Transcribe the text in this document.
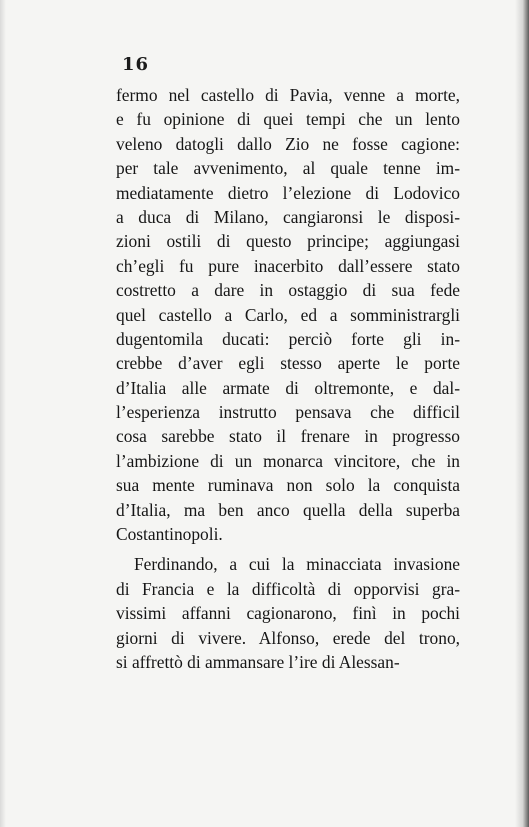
16
fermo nel castello di Pavia, venne a morte,
e fu opinione di quei tempi che un lento
veleno datogli dallo Zio ne fosse cagione:
per tale avvenimento, al quale tenne im-
mediatamente dietro l’elezione di Lodovico
a duca di Milano, cangiaronsi le disposi-
zioni ostili di questo principe; aggiungasi
ch’egli fu pure inacerbito dall’essere stato
costretto a dare in ostaggio di sua fede
quel castello a Carlo, ed a somministrargli
dugentomila ducati: perciò forte gli in-
crebbe d’aver egli stesso aperte le porte
d’Italia alle armate di oltremonte, e dal-
l’esperienza instrutto pensava che difficil
cosa sarebbe stato il frenare in progresso
l’ambizione di un monarca vincitore, che in
sua mente ruminava non solo la conquista
d’Italia, ma ben anco quella della superba
Costantinopoli.
Ferdinando, a cui la minacciata invasione
di Francia e la difficoltà di opporvisi gra-
vissimi affanni cagionarono, finì in pochi
giorni di vivere. Alfonso, erede del trono,
si affrettò di ammansare l’ire di Alessan-
